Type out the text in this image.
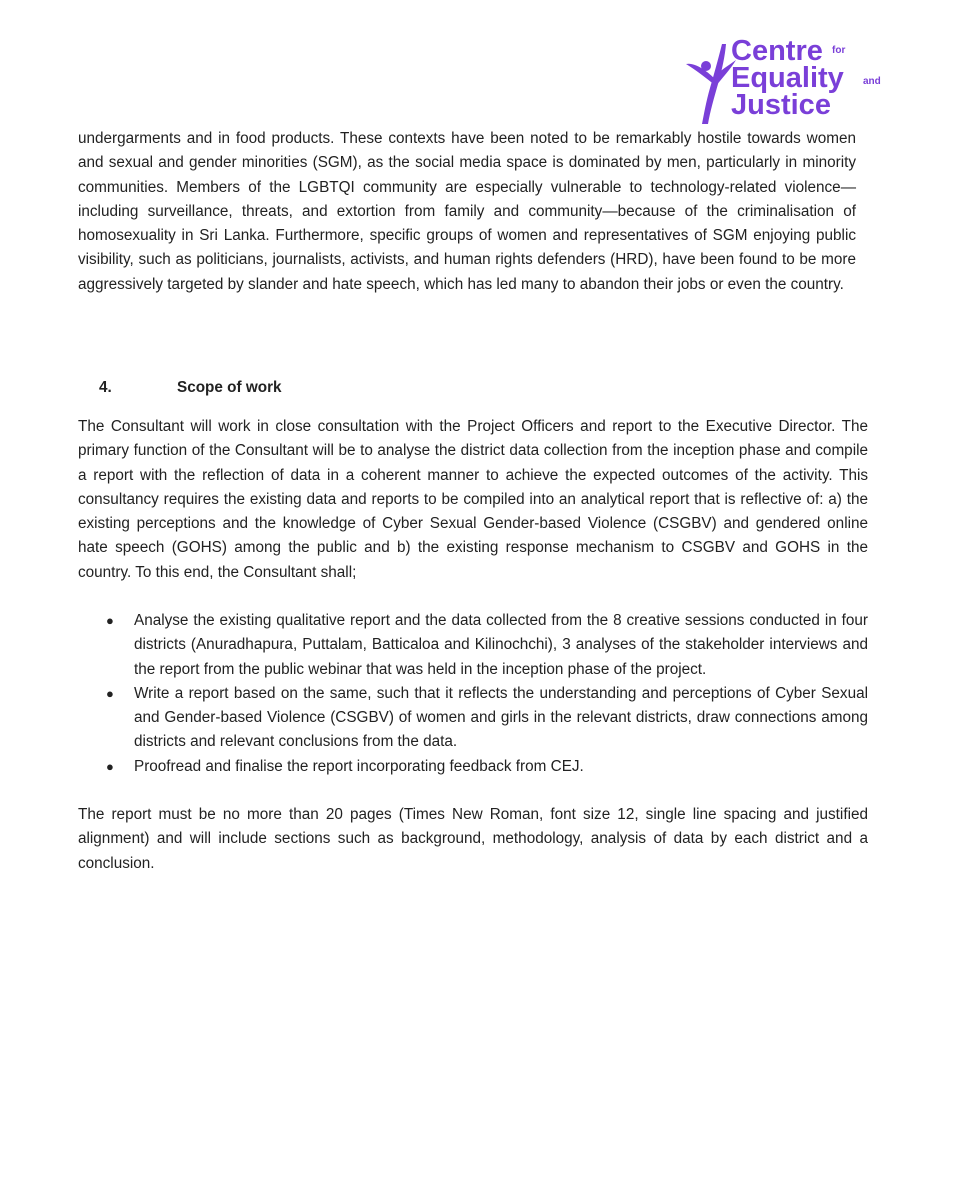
Centre for
Equality and
Justice
undergarments and in food products. These contexts have been noted to be remarkably hostile towards women and sexual and gender minorities (SGM), as the social media space is dominated by men, particularly in minority communities. Members of the LGBTQI community are especially vulnerable to technology-related violence—including surveillance, threats, and extortion from family and community—because of the criminalisation of homosexuality in Sri Lanka. Furthermore, specific groups of women and representatives of SGM enjoying public visibility, such as politicians, journalists, activists, and human rights defenders (HRD), have been found to be more aggressively targeted by slander and hate speech, which has led many to abandon their jobs or even the country.
4.	Scope of work
The Consultant will work in close consultation with the Project Officers and report to the Executive Director. The primary function of the Consultant will be to analyse the district data collection from the inception phase and compile a report with the reflection of data in a coherent manner to achieve the expected outcomes of the activity. This consultancy requires the existing data and reports to be compiled into an analytical report that is reflective of: a) the existing perceptions and the knowledge of Cyber Sexual Gender-based Violence (CSGBV) and gendered online hate speech (GOHS) among the public and b) the existing response mechanism to CSGBV and GOHS in the country. To this end, the Consultant shall;
● Analyse the existing qualitative report and the data collected from the 8 creative sessions conducted in four districts (Anuradhapura, Puttalam, Batticaloa and Kilinochchi), 3 analyses of the stakeholder interviews and the report from the public webinar that was held in the inception phase of the project.
● Write a report based on the same, such that it reflects the understanding and perceptions of Cyber Sexual and Gender-based Violence (CSGBV) of women and girls in the relevant districts, draw connections among districts and relevant conclusions from the data.
● Proofread and finalise the report incorporating feedback from CEJ.
The report must be no more than 20 pages (Times New Roman, font size 12, single line spacing and justified alignment) and will include sections such as background, methodology, analysis of data by each district and a conclusion.
